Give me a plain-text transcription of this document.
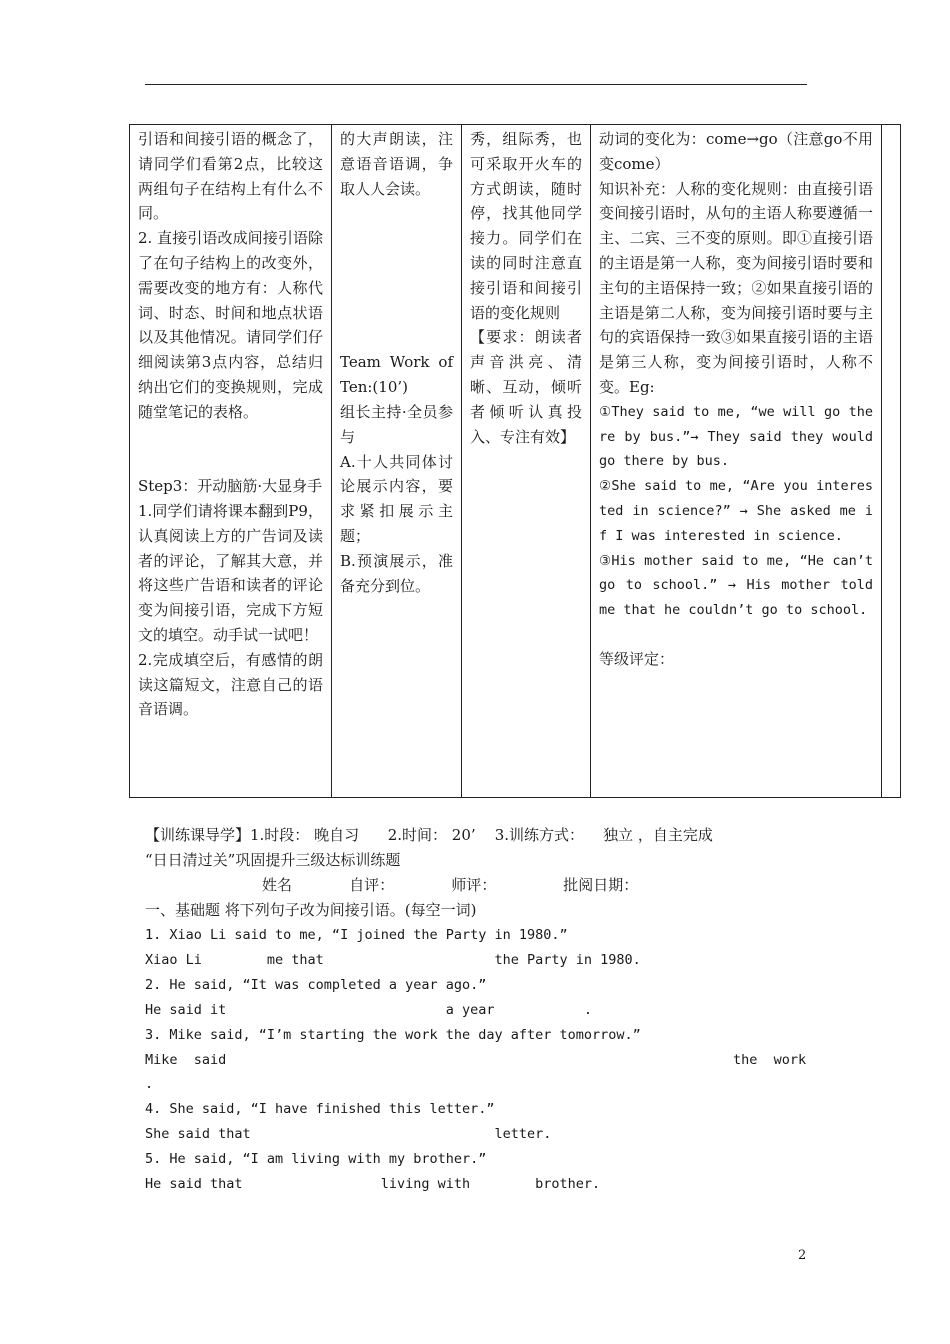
引语和间接引语的概念了，请同学们看第2点，比较这两组句子在结构上有什么不同。
2. 直接引语改成间接引语除了在句子结构上的改变外，需要改变的地方有：人称代词、时态、时间和地点状语以及其他情况。请同学们仔细阅读第3点内容，总结归纳出它们的变换规则，完成随堂笔记的表格。

Step3：开动脑筋·大显身手
1.同学们请将课本翻到P9，认真阅读上方的广告词及读者的评论，了解其大意，并将这些广告语和读者的评论变为间接引语，完成下方短文的填空。动手试一试吧！
2.完成填空后，有感情的朗读这篇短文，注意自己的语音语调。

的大声朗读，注意语音语调，争取人人会读。
Team Work of Ten:(10’)
组长主持·全员参与
A.十人共同体讨论展示内容，要求紧扣展示主题；
B.预演展示，准备充分到位。

秀，组际秀，也可采取开火车的方式朗读，随时停，找其他同学接力。同学们在读的同时注意直接引语和间接引语的变化规则
【要求：朗读者声音洪亮、清晰、互动，倾听者倾听认真投入、专注有效】

动词的变化为：come→go（注意go不用变come）
知识补充：人称的变化规则：由直接引语变间接引语时，从句的主语人称要遵循一主、二宾、三不变的原则。即①直接引语的主语是第一人称，变为间接引语时要和主句的主语保持一致；②如果直接引语的主语是第二人称，变为间接引语时要与主句的宾语保持一致③如果直接引语的主语是第三人称，变为间接引语时，人称不变。Eg:
①They said to me, “we will go there by bus.”→ They said they would go there by bus.
②She said to me, “Are you interested in science?” → She asked me if I was interested in science.
③His mother said to me, “He can’t go to school.” → His mother told me that he couldn’t go to school.
等级评定：

【训练课导学】1.时段： 晚自习      2.时间： 20’    3.训练方式：    独立 ，自主完成
“日日清过关”巩固提升三级达标训练题
姓名            自评：            师评：              批阅日期：
一、基础题 将下列句子改为间接引语。(每空一词)
1. Xiao Li said to me, “I joined the Party in 1980.”
Xiao Li        me that                     the Party in 1980.
2. He said, “It was completed a year ago.”
He said it                           a year           .
3. Mike said, “I’m starting the work the day after tomorrow.”
Mike  said	the  work
.
4. She said, “I have finished this letter.”
She said that                              letter.
5. He said, “I am living with my brother.”
He said that                 living with        brother.
2
